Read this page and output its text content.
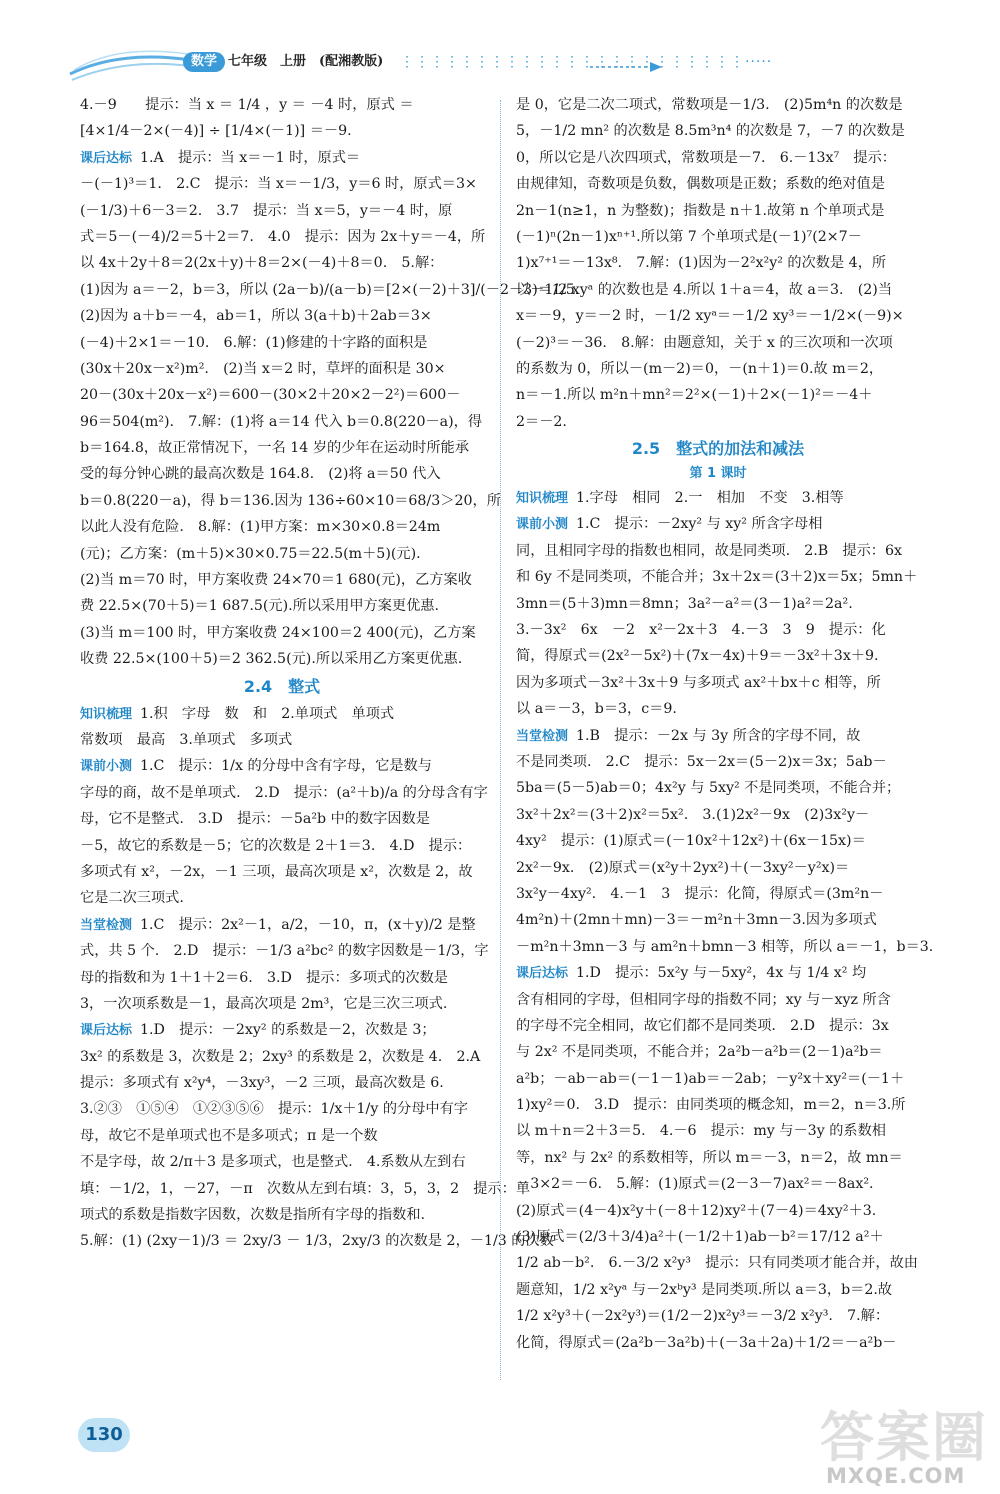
数学 七年级　上册　(配湘教版) ⋮⋮⋮⋮⋮⋮⋮⋮⋮⋮⋮⋮⋮⋮⋮⋮⋮⋮⋮⋮⋮⋮⋮·····
4.－9　　提示：当 x ＝ 1/4 ，y ＝ －4 时，原式 ＝
[4×1/4－2×(－4)] ÷ [1/4×(－1)] ＝－9.
课后达标 1.A　提示：当 x＝－1 时，原式＝
－(－1)³＝1.　2.C　提示：当 x＝－1/3，y＝6 时，原式＝3×
(－1/3)＋6－3＝2.　3.7　提示：当 x＝5，y＝－4 时，原
式＝5－(－4)/2＝5＋2＝7.　4.0　提示：因为 2x＋y＝－4，所
以 4x＋2y＋8＝2(2x＋y)＋8＝2×(－4)＋8＝0.　5.解：
(1)因为 a＝－2，b＝3，所以 (2a－b)/(a－b)＝[2×(－2)＋3]/(－2－3)＝1/5.
(2)因为 a＋b＝－4，ab＝1，所以 3(a＋b)＋2ab＝3×
(－4)＋2×1＝－10.　6.解：(1)修建的十字路的面积是
(30x＋20x－x²)m².　(2)当 x＝2 时，草坪的面积是 30×
20－(30x＋20x－x²)＝600－(30×2＋20×2－2²)＝600－
96＝504(m²).　7.解：(1)将 a＝14 代入 b＝0.8(220－a)，得
b＝164.8，故正常情况下，一名 14 岁的少年在运动时所能承
受的每分钟心跳的最高次数是 164.8.　(2)将 a＝50 代入
b＝0.8(220－a)，得 b＝136.因为 136÷60×10＝68/3＞20，所
以此人没有危险.　8.解：(1)甲方案：m×30×0.8＝24m
(元)；乙方案：(m＋5)×30×0.75＝22.5(m＋5)(元).
(2)当 m＝70 时，甲方案收费 24×70＝1 680(元)，乙方案收
费 22.5×(70＋5)＝1 687.5(元).所以采用甲方案更优惠.
(3)当 m＝100 时，甲方案收费 24×100＝2 400(元)，乙方案
收费 22.5×(100＋5)＝2 362.5(元).所以采用乙方案更优惠.
2.4　整式
知识梳理 1.积　字母　数　和　2.单项式　单项式
常数项　最高　3.单项式　多项式
课前小测 1.C　提示：1/x 的分母中含有字母，它是数与
字母的商，故不是单项式.　2.D　提示：(a²＋b)/a 的分母含有字
母，它不是整式.　3.D　提示：－5a²b 中的数字因数是
－5，故它的系数是－5；它的次数是 2＋1＝3.　4.D　提示：
多项式有 x²，－2x，－1 三项，最高次项是 x²，次数是 2，故
它是二次三项式.
当堂检测 1.C　提示：2x²－1，a/2，－10，π，(x＋y)/2 是整
式，共 5 个.　2.D　提示：－1/3 a²bc² 的数字因数是－1/3，字
母的指数和为 1＋1＋2＝6.　3.D　提示：多项式的次数是
3，一次项系数是－1，最高次项是 2m³，它是三次三项式.
课后达标 1.D　提示：－2xy² 的系数是－2，次数是 3；
3x² 的系数是 3，次数是 2；2xy³ 的系数是 2，次数是 4.　2.A
提示：多项式有 x²y⁴，－3xy³，－2 三项，最高次数是 6.
3.②③　①⑤④　①②③⑤⑥　提示：1/x＋1/y 的分母中有字
母，故它不是单项式也不是多项式；π 是一个数
不是字母，故 2/π＋3 是多项式，也是整式.　4.系数从左到右
填：－1/2，1，－27，－π　次数从左到右填：3，5，3，2　提示：单
项式的系数是指数字因数，次数是指所有字母的指数和.
5.解：(1) (2xy－1)/3 ＝ 2xy/3 － 1/3，2xy/3 的次数是 2，－1/3 的次数
是 0，它是二次二项式，常数项是－1/3.　(2)5m⁴n 的次数是
5，－1/2 mn² 的次数是 8.5m³n⁴ 的次数是 7，－7 的次数是
0，所以它是八次四项式，常数项是－7.　6.－13x⁷　提示：
由规律知，奇数项是负数，偶数项是正数；系数的绝对值是
2n－1(n≥1，n 为整数)；指数是 n＋1.故第 n 个单项式是
(－1)ⁿ(2n－1)xⁿ⁺¹.所以第 7 个单项式是(－1)⁷(2×7－
1)x⁷⁺¹＝－13x⁸.　7.解：(1)因为－2²x²y² 的次数是 4，所
以－1/2 xyᵃ 的次数也是 4.所以 1＋a＝4，故 a＝3.　(2)当
x＝－9，y＝－2 时，－1/2 xyᵃ＝－1/2 xy³＝－1/2×(－9)×
(－2)³＝－36.　8.解：由题意知，关于 x 的三次项和一次项
的系数为 0，所以－(m－2)＝0，－(n＋1)＝0.故 m＝2，
n＝－1.所以 m²n＋mn²＝2²×(－1)＋2×(－1)²＝－4＋
2＝－2.
2.5　整式的加法和减法
第 1 课时
知识梳理 1.字母　相同　2.一　相加　不变　3.相等
课前小测 1.C　提示：－2xy² 与 xy² 所含字母相
同，且相同字母的指数也相同，故是同类项.　2.B　提示：6x
和 6y 不是同类项，不能合并；3x＋2x＝(3＋2)x＝5x；5mn＋
3mn＝(5＋3)mn＝8mn；3a²－a²＝(3－1)a²＝2a².　
3.－3x²　6x　－2　x²－2x＋3　4.－3　3　9　提示：化
简，得原式＝(2x²－5x²)＋(7x－4x)＋9＝－3x²＋3x＋9.
因为多项式－3x²＋3x＋9 与多项式 ax²＋bx＋c 相等，所
以 a＝－3，b＝3，c＝9.
当堂检测 1.B　提示：－2x 与 3y 所含的字母不同，故
不是同类项.　2.C　提示：5x－2x＝(5－2)x＝3x；5ab－
5ba＝(5－5)ab＝0；4x²y 与 5xy² 不是同类项，不能合并；
3x²＋2x²＝(3＋2)x²＝5x².　3.(1)2x²－9x　(2)3x²y－
4xy²　提示：(1)原式＝(－10x²＋12x²)＋(6x－15x)＝
2x²－9x.　(2)原式＝(x²y＋2yx²)＋(－3xy²－y²x)＝
3x²y－4xy².　4.－1　3　提示：化简，得原式＝(3m²n－
4m²n)＋(2mn＋mn)－3＝－m²n＋3mn－3.因为多项式
－m²n＋3mn－3 与 am²n＋bmn－3 相等，所以 a＝－1，b＝3.
课后达标 1.D　提示：5x²y 与－5xy²，4x 与 1/4 x² 均
含有相同的字母，但相同字母的指数不同；xy 与－xyz 所含
的字母不完全相同，故它们都不是同类项.　2.D　提示：3x
与 2x² 不是同类项，不能合并；2a²b－a²b＝(2－1)a²b＝
a²b；－ab－ab＝(－1－1)ab＝－2ab；－y²x＋xy²＝(－1＋
1)xy²＝0.　3.D　提示：由同类项的概念知，m＝2，n＝3.所
以 m＋n＝2＋3＝5.　4.－6　提示：my 与－3y 的系数相
等，nx² 与 2x² 的系数相等，所以 m＝－3，n＝2，故 mn＝
－3×2＝－6.　5.解：(1)原式＝(2－3－7)ax²＝－8ax².
(2)原式＝(4－4)x²y＋(－8＋12)xy²＋(7－4)＝4xy²＋3.
(3)原式＝(2/3＋3/4)a²＋(－1/2＋1)ab－b²＝17/12 a²＋
1/2 ab－b².　6.－3/2 x²y³　提示：只有同类项才能合并，故由
题意知，1/2 x²yᵃ 与－2xᵇy³ 是同类项.所以 a＝3，b＝2.故
1/2 x²y³＋(－2x²y³)＝(1/2－2)x²y³＝－3/2 x²y³.　7.解：
化简，得原式＝(2a²b－3a²b)＋(－3a＋2a)＋1/2＝－a²b－
130	答案圈
MXQE.COM
